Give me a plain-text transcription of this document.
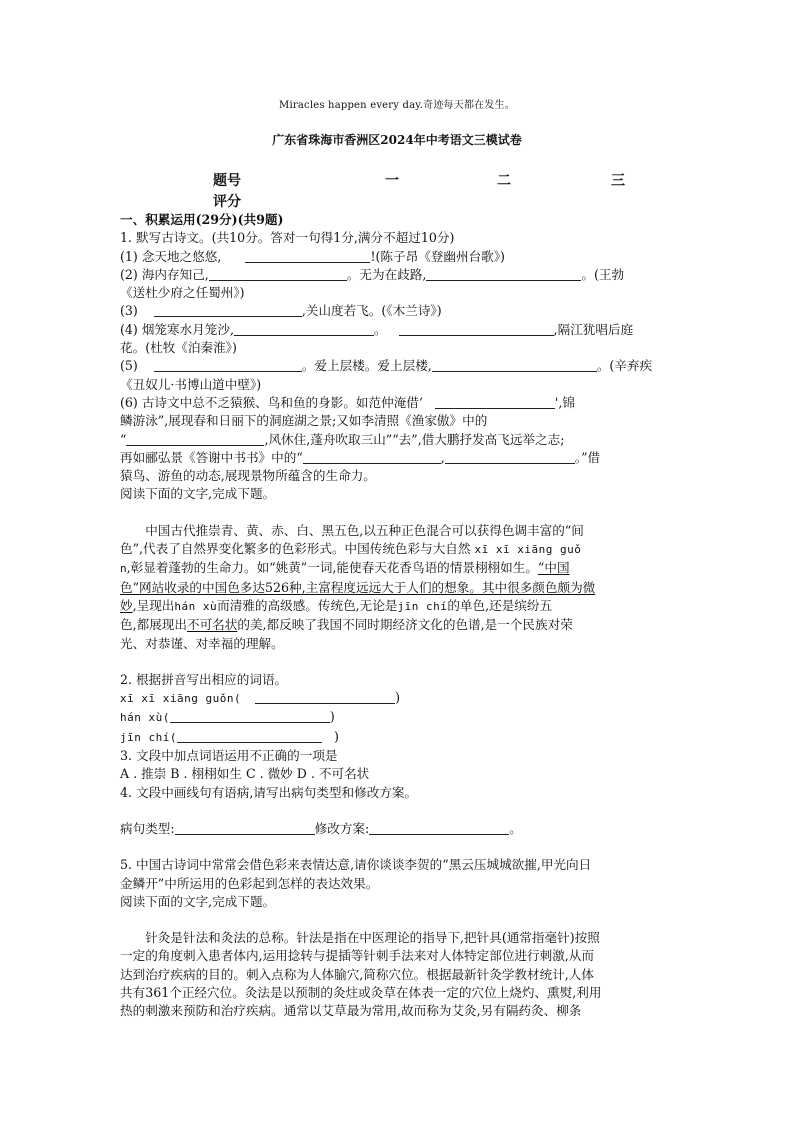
Miracles happen every day.奇迹每天都在发生。
广东省珠海市香洲区2024年中考语文三模试卷
题号	一	二	三
评分
一、积累运用(29分)(共9题)
1. 默写古诗文。(共10分。答对一句得1分,满分不超过10分)
(1) 念天地之悠悠,	!(陈子昂《登幽州台歌》)
(2) 海内存知己,	。无为在歧路,	。(王勃
《送杜少府之任蜀州》)
(3)	,关山度若飞。(《木兰诗》)
(4) 烟笼寒水月笼沙,	。	,隔江犹唱后庭
花。(杜牧《泊秦淮》)
(5)	。爱上层楼。爱上层楼,	。(辛弃疾
《丑奴儿·书博山道中壁》)
(6) 古诗文中总不乏猿猴、鸟和鱼的身影。如范仲淹借‘	',锦
鳞游泳”,展现春和日丽下的洞庭湖之景;又如李清照《渔家傲》中的
“	,风休住,蓬舟吹取三山”“去”,借大鹏抒发高飞远举之志;
再如郦弘景《答谢中书书》中的“	,	。”借
猿鸟、游鱼的动态,展现景物所蕴含的生命力。
阅读下面的文字,完成下题。
中国古代推崇青、黄、赤、白、黑五色,以五种正色混合可以获得色调丰富的“间
色”,代表了自然界变化繁多的色彩形式。中国传统色彩与大自然 xī xī xiāng guǒ
n,彰显着蓬勃的生命力。如“姚黄”一词,能使春天花香鸟语的情景栩栩如生。“中国
色”网站收录的中国色多达526种,主富程度远远大于人们的想象。其中很多颜色颇为微
妙,呈现出hán xù而清雅的高级感。传统色,无论是jīn chí的单色,还是缤纷五
色,都展现出不可名状的美,都反映了我国不同时期经济文化的色谱,是一个民族对荣
光、对恭谨、对幸福的理解。
2. 根据拼音写出相应的词语。
xī xī xiāng guǒn(	)
hán xù(	)
jīn chí(	)
3. 文段中加点词语运用不正确的一项是
A . 推崇 B . 栩栩如生 C . 微妙 D . 不可名状
4. 文段中画线句有语病,请写出病句类型和修改方案。
病句类型:	修改方案:	。
5. 中国古诗词中常常会借色彩来表情达意,请你谈谈李贺的“黑云压城城欲摧,甲光向日
金鳞开”中所运用的色彩起到怎样的表达效果。
阅读下面的文字,完成下题。
针灸是针法和灸法的总称。针法是指在中医理论的指导下,把针具(通常指毫针)按照
一定的角度刺入患者体内,运用捻转与提插等针刺手法来对人体特定部位进行刺激,从而
达到治疗疾病的目的。刺入点称为人体腧穴,简称穴位。根据最新针灸学教材统计,人体
共有361个正经穴位。灸法是以预制的灸炷或灸草在体表一定的穴位上烧灼、熏熨,利用
热的刺激来预防和治疗疾病。通常以艾草最为常用,故而称为艾灸,另有隔药灸、柳条
